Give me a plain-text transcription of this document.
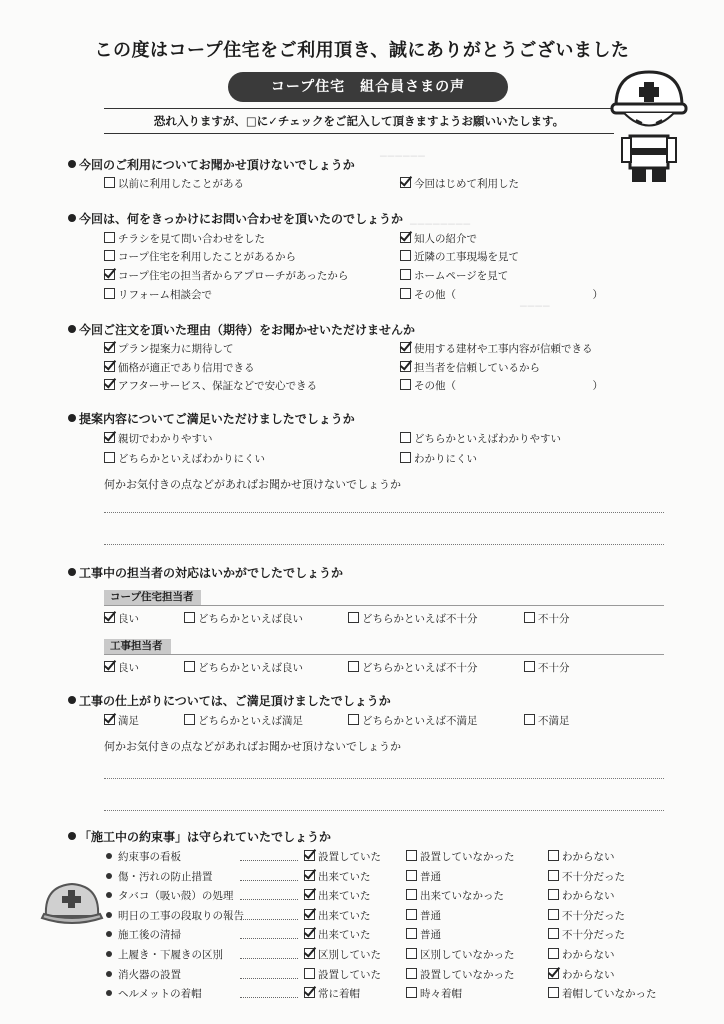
──────
────────
────
この度はコープ住宅をご利用頂き、誠にありがとうございました
コープ住宅　組合員さまの声
恐れ入りますが、□に✓チェックをご記入して頂きますようお願いいたします。
今回のご利用についてお聞かせ頂けないでしょうか
以前に利用したことがある	今回はじめて利用した
今回は、何をきっかけにお問い合わせを頂いたのでしょうか
チラシを見て問い合わせをした	知人の紹介で
コープ住宅を利用したことがあるから	近隣の工事現場を見て
コープ住宅の担当者からアプローチがあったから	ホームページを見て
リフォーム相談会で	その他（　　　　　　　　　　　　　）
今回ご注文を頂いた理由（期待）をお聞かせいただけませんか
プラン提案力に期待して	使用する建材や工事内容が信頼できる
価格が適正であり信用できる	担当者を信頼しているから
アフターサービス、保証などで安心できる	その他（　　　　　　　　　　　　　）
提案内容についてご満足いただけましたでしょうか
親切でわかりやすい	どちらかといえばわかりやすい
どちらかといえばわかりにくい	わかりにくい
何かお気付きの点などがあればお聞かせ頂けないでしょうか
工事中の担当者の対応はいかがでしたでしょうか
コープ住宅担当者
良い	どちらかといえば良い	どちらかといえば不十分	不十分
工事担当者
良い	どちらかといえば良い	どちらかといえば不十分	不十分
工事の仕上がりについては、ご満足頂けましたでしょうか
満足	どちらかといえば満足	どちらかといえば不満足	不満足
何かお気付きの点などがあればお聞かせ頂けないでしょうか
「施工中の約束事」は守られていたでしょうか
約束事の看板	設置していた	設置していなかった	わからない
傷・汚れの防止措置	出来ていた	普通	不十分だった
タバコ（吸い殻）の処理	出来ていた	出来ていなかった	わからない
明日の工事の段取りの報告	出来ていた	普通	不十分だった
施工後の清掃	出来ていた	普通	不十分だった
上履き・下履きの区別	区別していた	区別していなかった	わからない
消火器の設置	設置していた	設置していなかった	わからない
ヘルメットの着帽	常に着帽	時々着帽	着帽していなかった
